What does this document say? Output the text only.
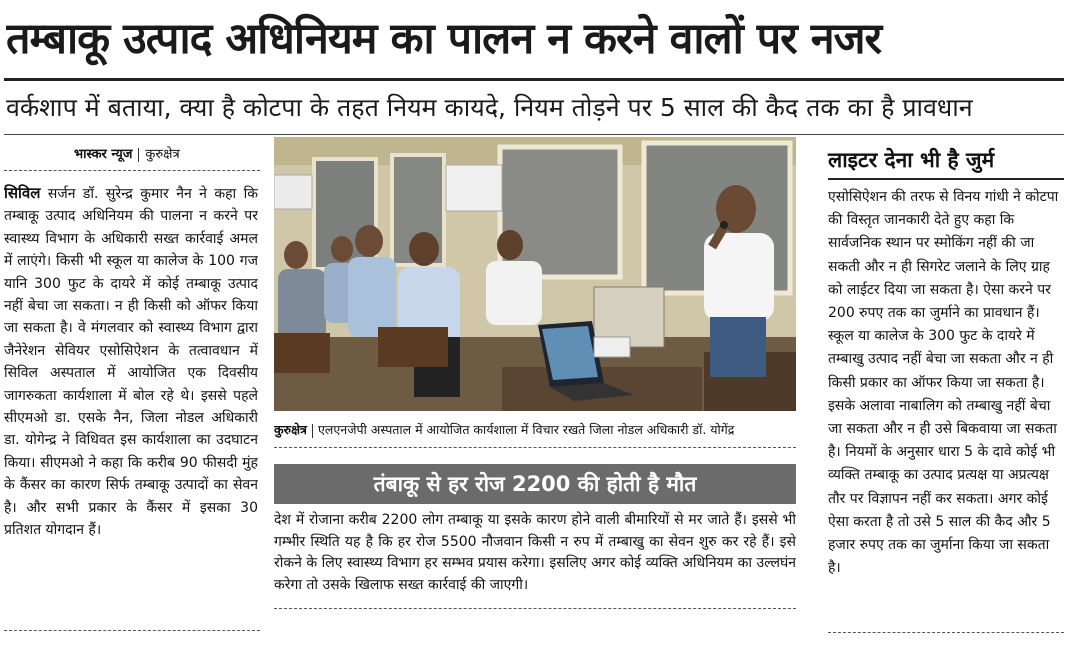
तम्बाकू उत्पाद अधिनियम का पालन न करने वालों पर नजर
वर्कशाप में बताया, क्या है कोटपा के तहत नियम कायदे, नियम तोड़ने पर 5 साल की कैद तक का है प्रावधान
भास्कर न्यूज कुरुक्षेत्र
सिविल सर्जन डॉ. सुरेन्द्र कुमार नैन ने कहा कि तम्बाकू उत्पाद अधिनियम की पालना न करने पर स्वास्थ्य विभाग के अधिकारी सख्त कार्रवाई अमल में लाएंगे। किसी भी स्कूल या कालेज के 100 गज यानि 300 फुट के दायरे में कोई तम्बाकू उत्पाद नहीं बेचा जा सकता। न ही किसी को ऑफर किया जा सकता है। वे मंगलवार को स्वास्थ्य विभाग द्वारा जैनेरेशन सेवियर एसोसिऐशन के तत्वावधान में सिविल अस्पताल में आयोजित एक दिवसीय जागरुकता कार्यशाला में बोल रहे थे। इससे पहले सीएमओ डा. एसके नैन, जिला नोडल अधिकारी डा. योगेन्द्र ने विधिवत इस कार्यशाला का उदघाटन किया। सीएमओ ने कहा कि करीब 90 फीसदी मुंह के कैंसर का कारण सिर्फ तम्बाकू उत्पादों का सेवन है। और सभी प्रकार के कैंसर में इसका 30 प्रतिशत योगदान हैं।
कुरुक्षेत्र एलएनजेपी अस्पताल में आयोजित कार्यशाला में विचार रखते जिला नोडल अधिकारी डॉ. योगेंद्र
तंबाकू से हर रोज 2200 की होती है मौत
देश में रोजाना करीब 2200 लोग तम्बाकू या इसके कारण होने वाली बीमारियों से मर जाते हैं। इससे भी गम्भीर स्थिति यह है कि हर रोज 5500 नौजवान किसी न रुप में तम्बाखु का सेवन शुरु कर रहे हैं। इसे रोकने के लिए स्वास्थ्य विभाग हर सम्भव प्रयास करेगा। इसलिए अगर कोई व्यक्ति अधिनियम का उल्लघंन करेगा तो उसके खिलाफ सख्त कार्रवाई की जाएगी।
लाइटर देना भी है जुर्म
एसोसिऐशन की तरफ से विनय गांधी ने कोटपा की विस्तृत जानकारी देते हुए कहा कि सार्वजनिक स्थान पर स्मोकिंग नहीं की जा सकती और न ही सिगरेट जलाने के लिए ग्राह को लाईटर दिया जा सकता है। ऐसा करने पर 200 रुपए तक का जुर्माने का प्रावधान हैं। स्कूल या कालेज के 300 फुट के दायरे में तम्बाखु उत्पाद नहीं बेचा जा सकता और न ही किसी प्रकार का ऑफर किया जा सकता है। इसके अलावा नाबालिग को तम्बाखु नहीं बेचा जा सकता और न ही उसे बिकवाया जा सकता है। नियमों के अनुसार धारा 5 के दावे कोई भी व्यक्ति तम्बाकू का उत्पाद प्रत्यक्ष या अप्रत्यक्ष तौर पर विज्ञापन नहीं कर सकता। अगर कोई ऐसा करता है तो उसे 5 साल की कैद और 5 हजार रुपए तक का जुर्माना किया जा सकता है।
